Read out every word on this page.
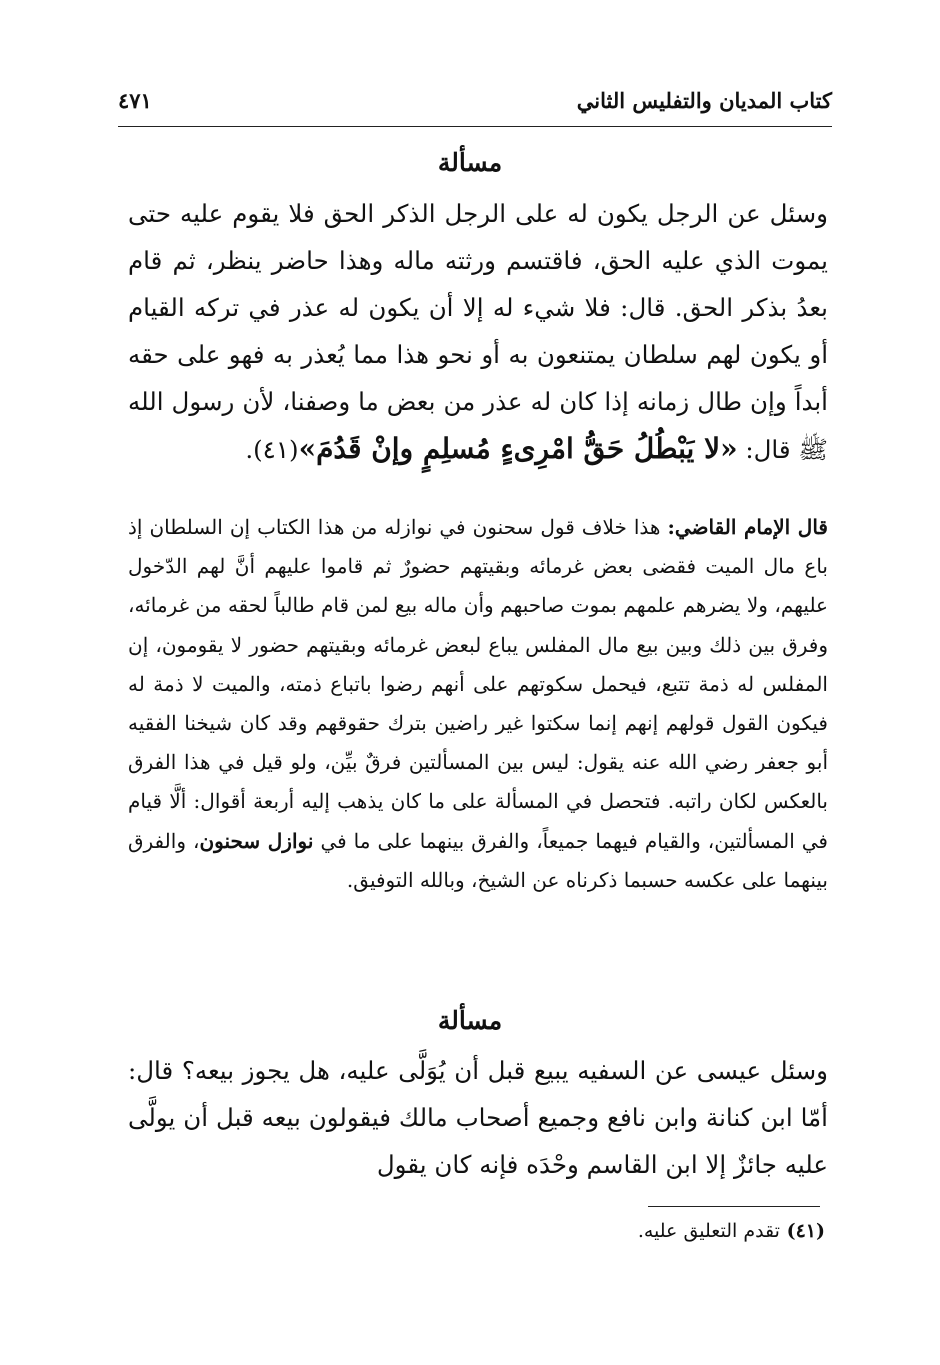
كتاب المديان والتفليس الثاني
٤٧١
مسألة

وسئل عن الرجل يكون له على الرجل الذكر الحق فلا يقوم عليه حتى يموت الذي عليه الحق، فاقتسم ورثته ماله وهذا حاضر ينظر، ثم قام بعدُ بذكر الحق. قال: فلا شيء له إلا أن يكون له عذر في تركه القيام أو يكون لهم سلطان يمتنعون به أو نحو هذا مما يُعذر به فهو على حقه أبداً وإن طال زمانه إذا كان له عذر من بعض ما وصفنا، لأن رسول الله ﷺ قال: «لا يَبْطُلُ حَقُّ امْرِىءٍ مُسلِمٍ وإنْ قَدُمَ»(٤١).

قال الإمام القاضي: هذا خلاف قول سحنون في نوازله من هذا الكتاب إن السلطان إذ باع مال الميت فقضى بعض غرمائه وبقيتهم حضورٌ ثم قاموا عليهم أنَّ لهم الدّخول عليهم، ولا يضرهم علمهم بموت صاحبهم وأن ماله بيع لمن قام طالباً لحقه من غرمائه، وفرق بين ذلك وبين بيع مال المفلس يباع لبعض غرمائه وبقيتهم حضور لا يقومون، إن المفلس له ذمة تتبع، فيحمل سكوتهم على أنهم رضوا باتباع ذمته، والميت لا ذمة له فيكون القول قولهم إنهم إنما سكتوا غير راضين بترك حقوقهم وقد كان شيخنا الفقيه أبو جعفر رضي الله عنه يقول: ليس بين المسألتين فرقٌ بيِّن، ولو قيل في هذا الفرق بالعكس لكان راتبه. فتحصل في المسألة على ما كان يذهب إليه أربعة أقوال: ألَّا قيام في المسألتين، والقيام فيهما جميعاً، والفرق بينهما على ما في نوازل سحنون، والفرق بينهما على عكسه حسبما ذكرناه عن الشيخ، وبالله التوفيق.

مسألة

وسئل عيسى عن السفيه يبيع قبل أن يُوَلَّى عليه، هل يجوز بيعه؟ قال: أمّا ابن كنانة وابن نافع وجميع أصحاب مالك فيقولون بيعه قبل أن يولَّى عليه جائزٌ إلا ابن القاسم وحْدَه فإنه كان يقول

(٤١) تقدم التعليق عليه.
